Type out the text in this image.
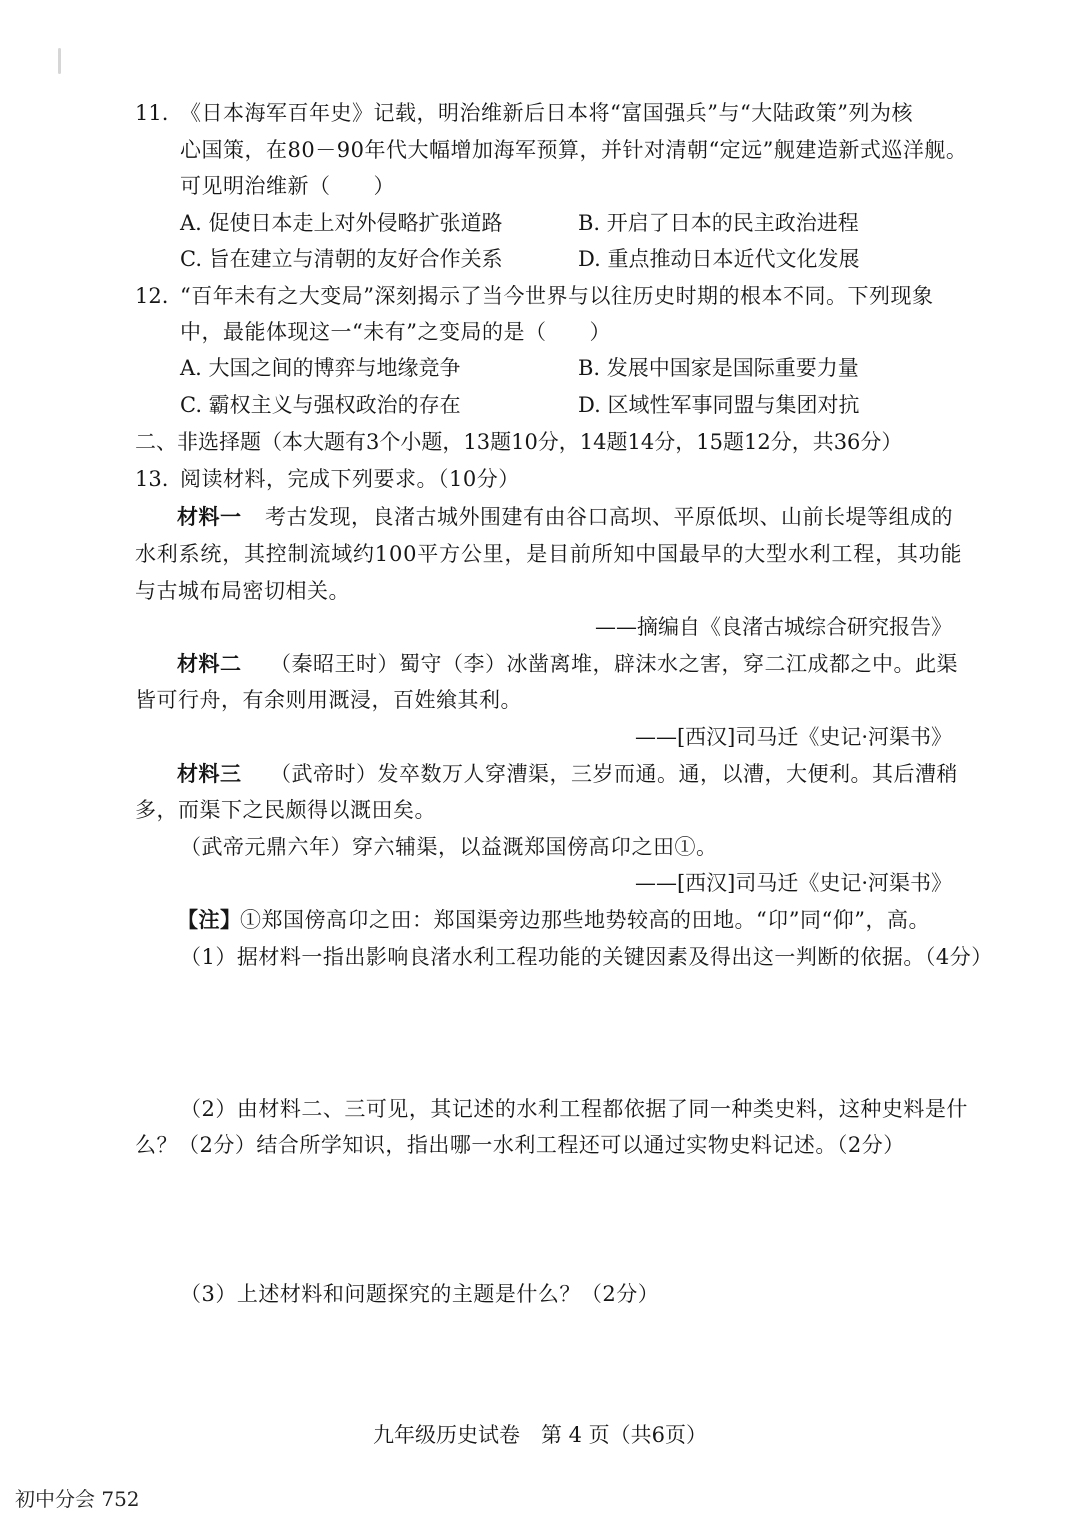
11. 《日本海军百年史》记载，明治维新后日本将“富国强兵”与“大陆政策”列为核
心国策，在80－90年代大幅增加海军预算，并针对清朝“定远”舰建造新式巡洋舰。
可见明治维新（　　）
A. 促使日本走上对外侵略扩张道路	B. 开启了日本的民主政治进程
C. 旨在建立与清朝的友好合作关系	D. 重点推动日本近代文化发展
12. “百年未有之大变局”深刻揭示了当今世界与以往历史时期的根本不同。下列现象
中，最能体现这一“未有”之变局的是（　　）
A. 大国之间的博弈与地缘竞争	B. 发展中国家是国际重要力量
C. 霸权主义与强权政治的存在	D. 区域性军事同盟与集团对抗
二、非选择题（本大题有3个小题，13题10分，14题14分，15题12分，共36分）
13. 阅读材料，完成下列要求。（10分）
材料一 考古发现，良渚古城外围建有由谷口高坝、平原低坝、山前长堤等组成的
水利系统，其控制流域约100平方公里，是目前所知中国最早的大型水利工程，其功能
与古城布局密切相关。
——摘编自《良渚古城综合研究报告》
材料二 （秦昭王时）蜀守（李）冰凿离堆，辟沫水之害，穿二江成都之中。此渠
皆可行舟，有余则用溉浸，百姓飨其利。
——[西汉]司马迁《史记·河渠书》
材料三 （武帝时）发卒数万人穿漕渠，三岁而通。通，以漕，大便利。其后漕稍
多，而渠下之民颇得以溉田矣。
（武帝元鼎六年）穿六辅渠，以益溉郑国傍高卬之田①。
——[西汉]司马迁《史记·河渠书》
【注】
①郑国傍高卬之田：郑国渠旁边那些地势较高的田地。“卬”同“仰”，高。
（1）据材料一指出影响良渚水利工程功能的关键因素及得出这一判断的依据。（4分）
（2）由材料二、三可见，其记述的水利工程都依据了同一种类史料，这种史料是什
么？（2分）结合所学知识，指出哪一水利工程还可以通过实物史料记述。（2分）
（3）上述材料和问题探究的主题是什么？（2分）
九年级历史试卷　第 4 页（共6页）
初中分会 752
